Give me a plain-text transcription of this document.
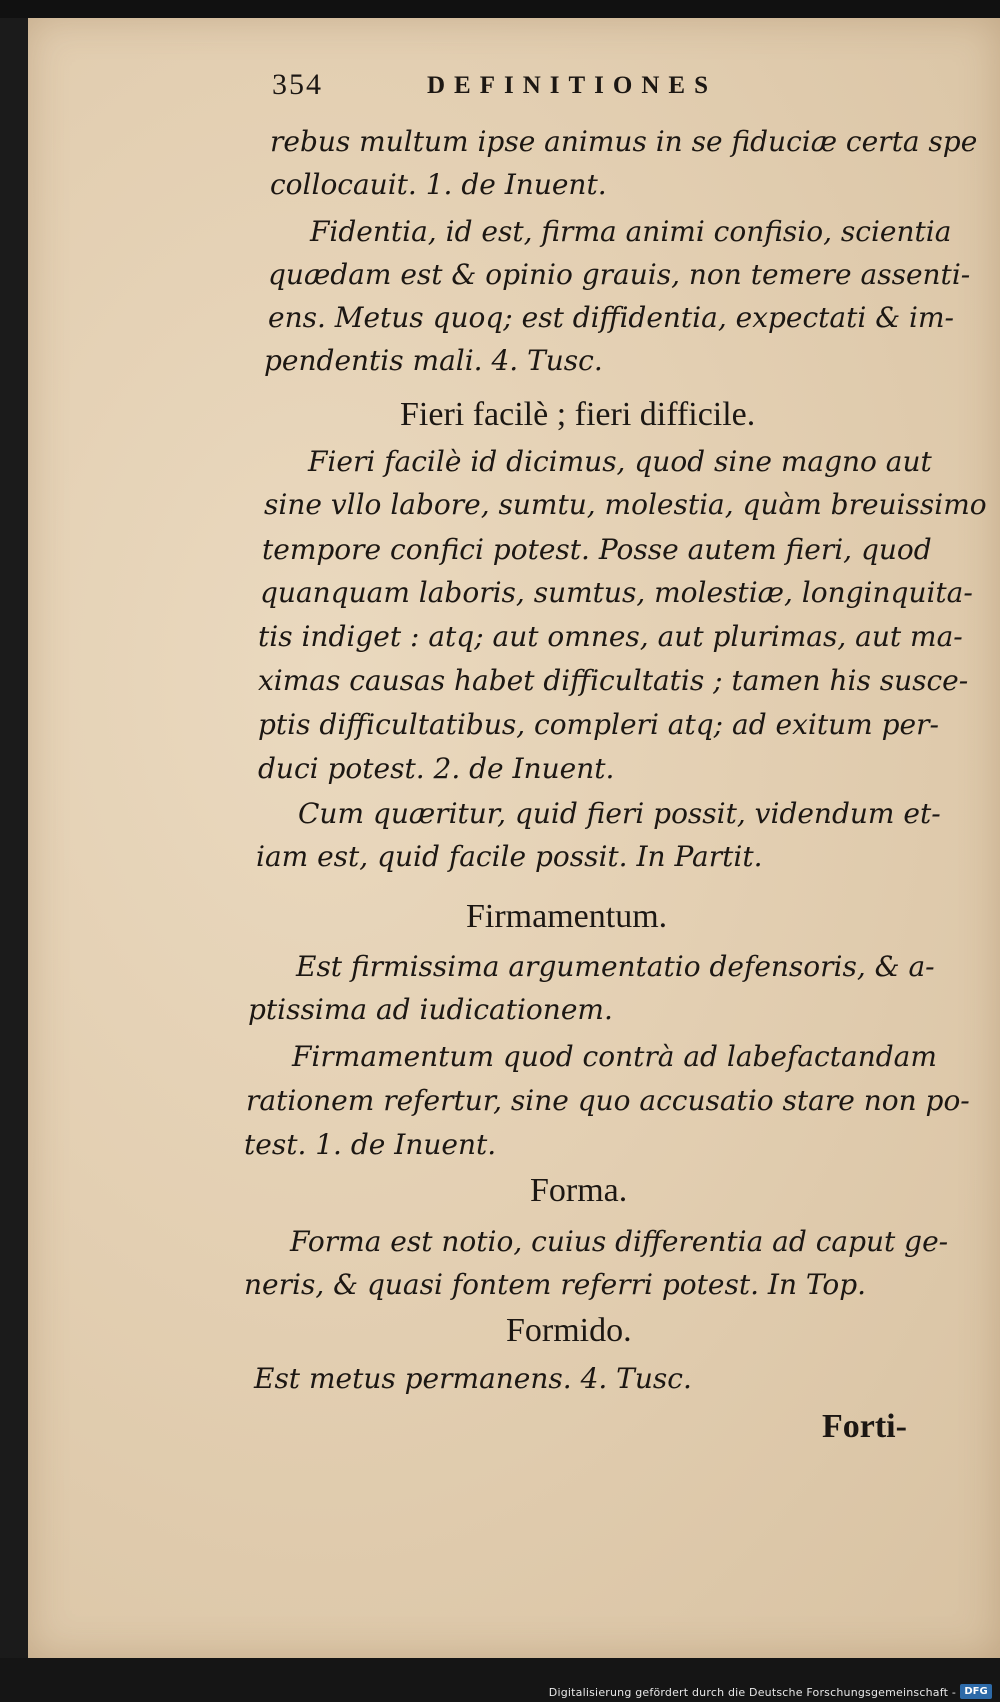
354	DEFINITIONES
rebus multum ipse animus in se fiduciæ certa spe
collocauit. 1. de Inuent.
Fidentia, id est, firma animi confisio, scientia
quædam est & opinio grauis, non temere assenti-
ens. Metus quoq; est diffidentia, expectati & im-
pendentis mali. 4. Tusc.
Fieri facilè ; fieri difficile.
Fieri facilè id dicimus, quod sine magno aut
sine vllo labore, sumtu, molestia, quàm breuissimo
tempore confici potest. Posse autem fieri, quod
quanquam laboris, sumtus, molestiæ, longinquita-
tis indiget : atq; aut omnes, aut plurimas, aut ma-
ximas causas habet difficultatis ; tamen his susce-
ptis difficultatibus, compleri atq; ad exitum per-
duci potest. 2. de Inuent.
Cum quæritur, quid fieri possit, videndum et-
iam est, quid facile possit. In Partit.
Firmamentum.
Est firmissima argumentatio defensoris, & a-
ptissima ad iudicationem.
Firmamentum quod contrà ad labefactandam
rationem refertur, sine quo accusatio stare non po-
test. 1. de Inuent.
Forma.
Forma est notio, cuius differentia ad caput ge-
neris, & quasi fontem referri potest. In Top.
Formido.
Est metus permanens. 4. Tusc.
Forti-
Digitalisierung gefördert durch die Deutsche Forschungsgemeinschaft - DFG
